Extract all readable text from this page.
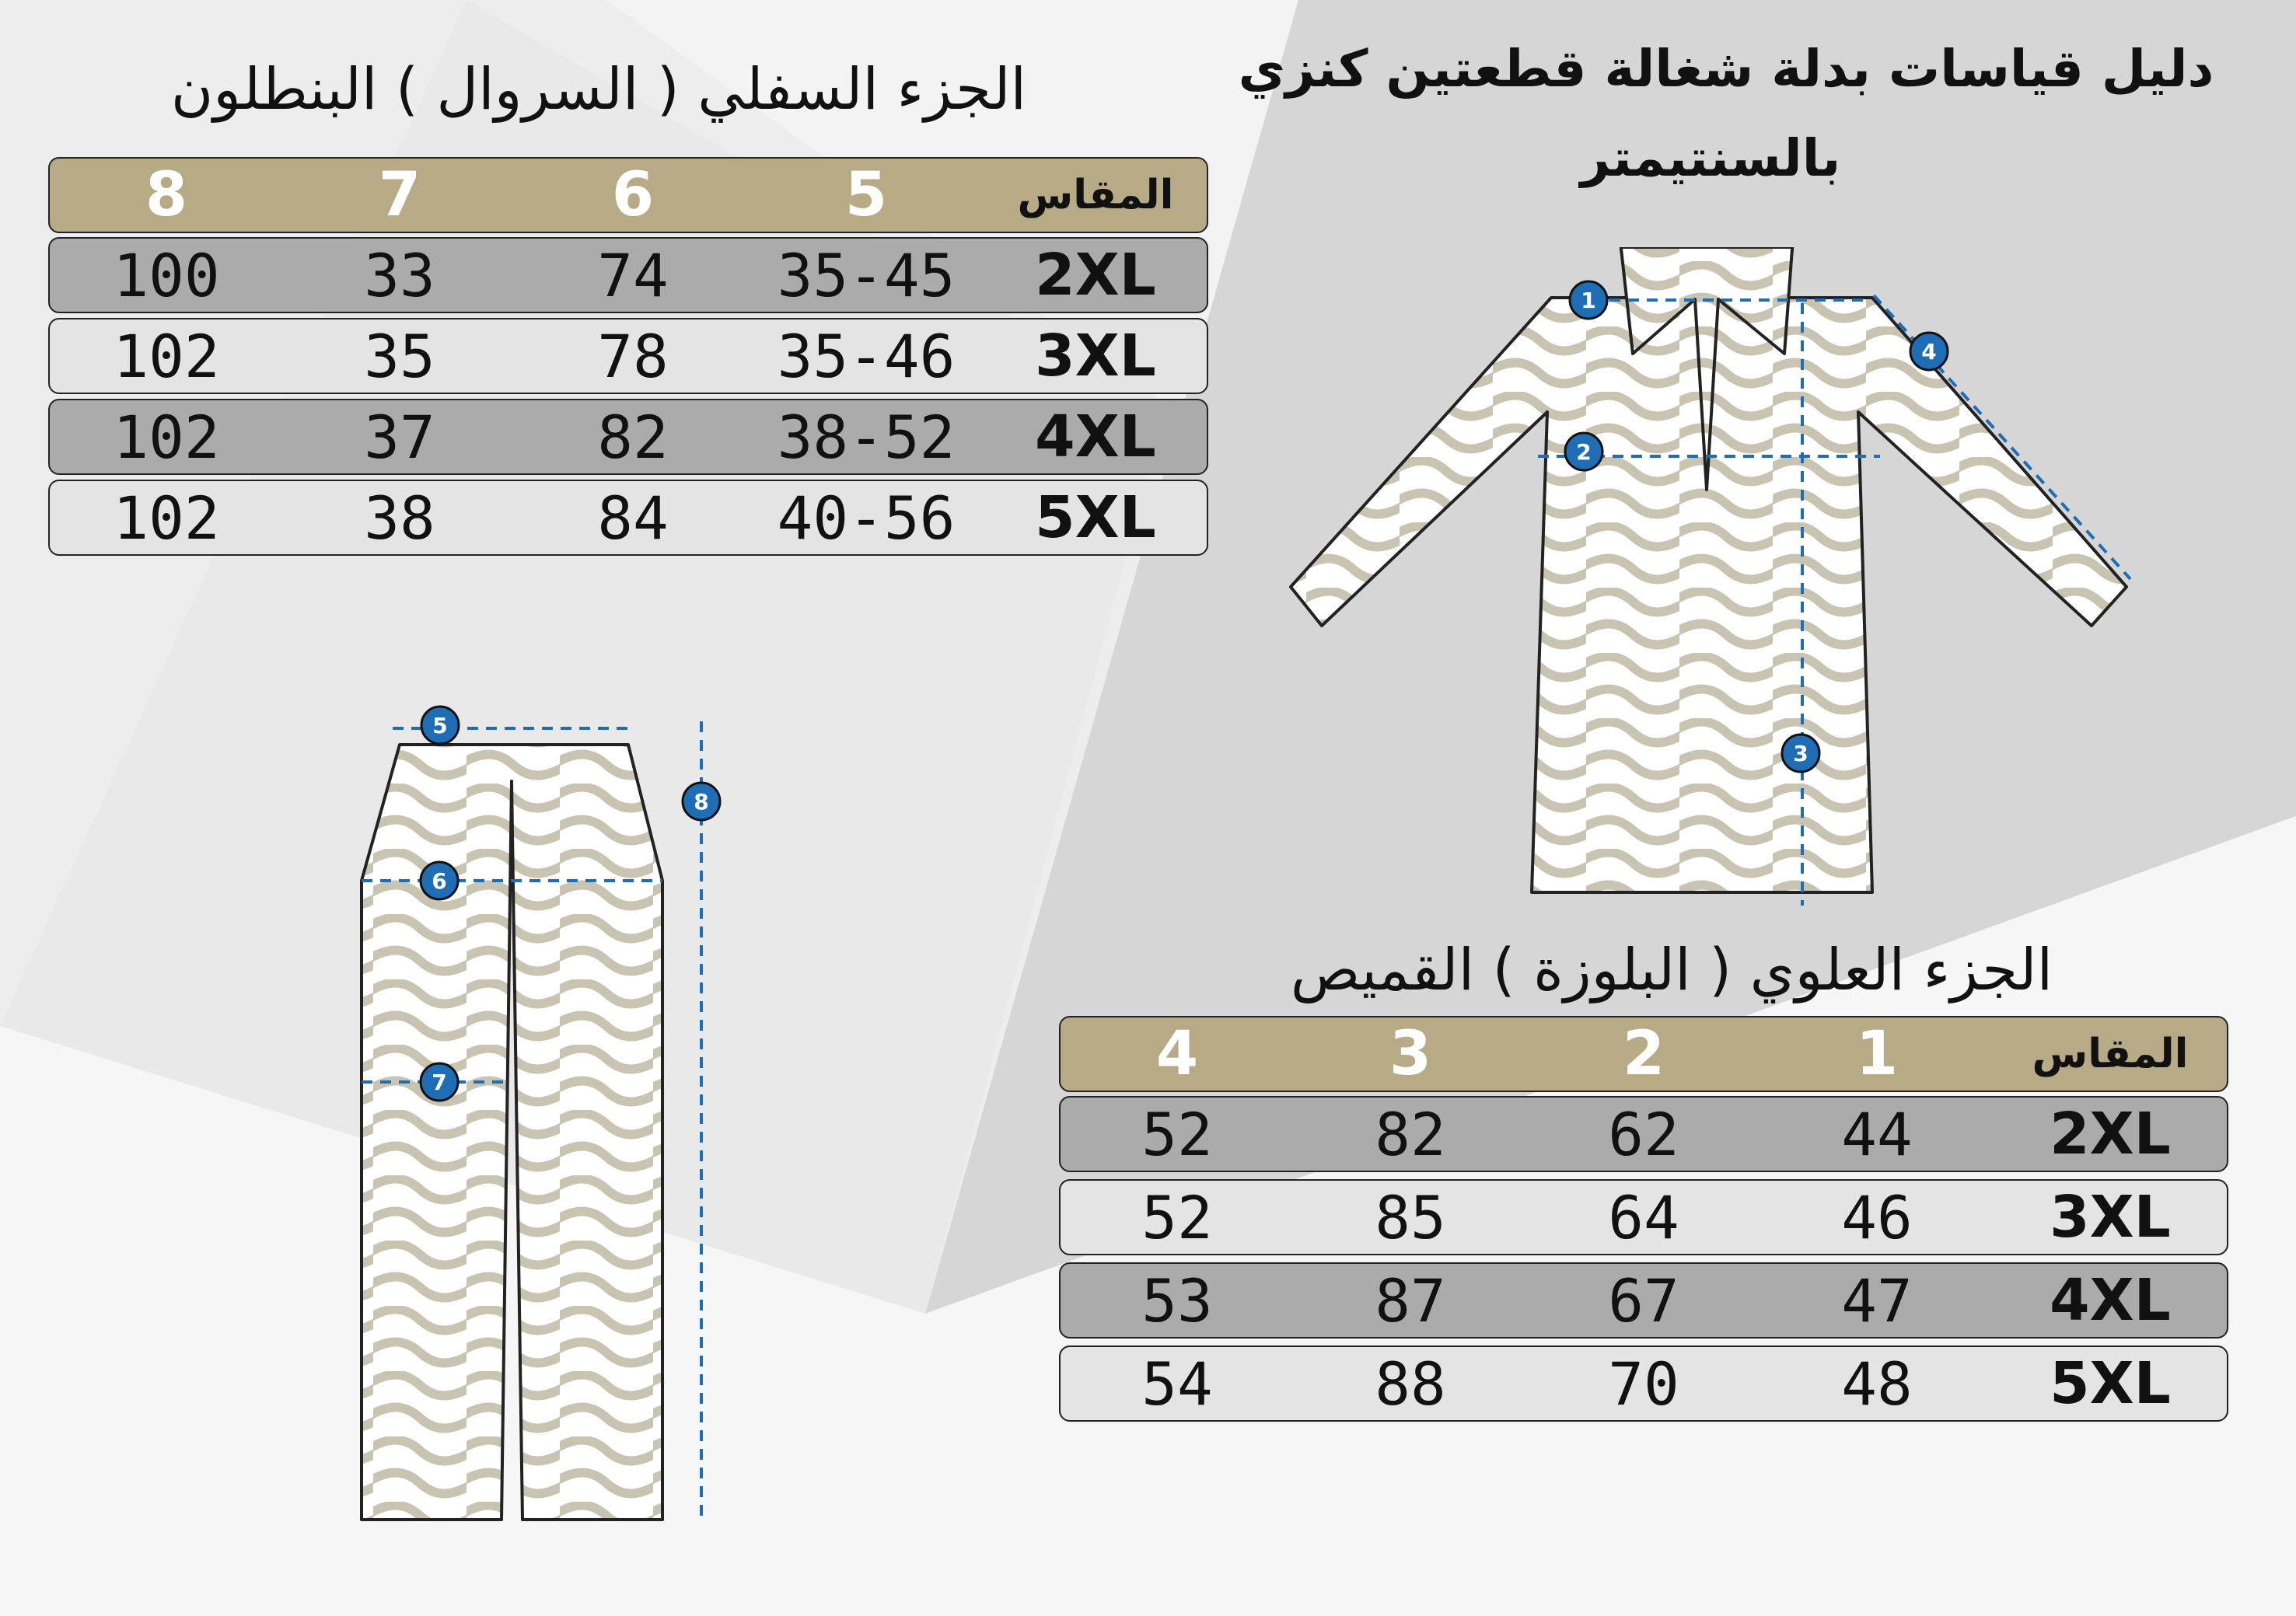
دليل قياسات بدلة شغالة قطعتين كنزي
بالسنتيمتر
الجزء السفلي ( السروال ) البنطلون
8	7	6	5	المقاس
100	33	74	35-45	2XL
102	35	78	35-46	3XL
102	37	82	38-52	4XL
102	38	84	40-56	5XL
الجزء العلوي ( البلوزة ) القميص
4	3	2	1	المقاس
52	82	62	44	2XL
52	85	64	46	3XL
53	87	67	47	4XL
54	88	70	48	5XL
1
2
3
4
5
6
7
8
